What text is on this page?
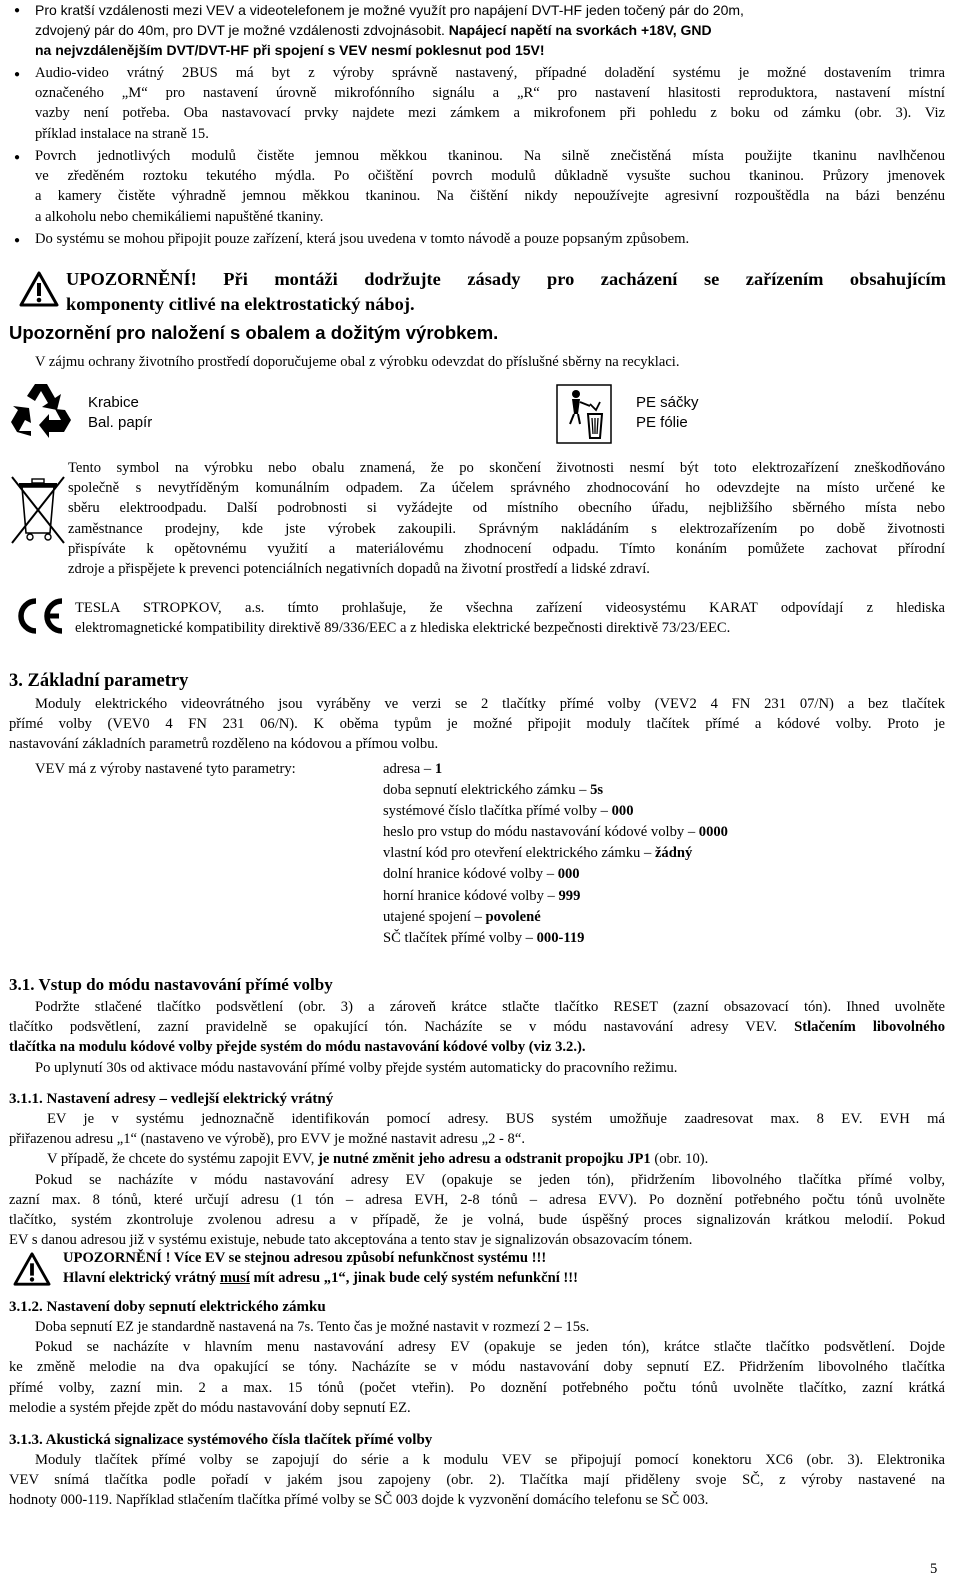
● Pro kratší vzdálenosti mezi VEV a videotelefonem je možné využít pro napájení DVT-HF jeden točený pár do 20m,
zdvojený pár do 40m, pro DVT je možné vzdálenosti zdvojnásobit. Napájecí napětí na svorkách +18V, GND
na nejvzdálenějším DVT/DVT-HF při spojení s VEV nesmí poklesnut pod 15V!
● Audio-video vrátný 2BUS má byt z výroby správně nastavený, případné doladění systému je možné dostavením trimra
označeného „M“ pro nastavení úrovně mikrofónního signálu a „R“ pro nastavení hlasitosti reproduktora, nastavení místní
vazby není potřeba. Oba nastavovací prvky najdete mezi zámkem a mikrofonem při pohledu z boku od zámku (obr. 3). Viz
příklad instalace na straně 15.
● Povrch jednotlivých modulů čistěte jemnou měkkou tkaninou. Na silně znečistěná místa použijte tkaninu navlhčenou
ve zředěném roztoku tekutého mýdla. Po očištění povrch modulů důkladně vysušte suchou tkaninou. Průzory jmenovek
a kamery čistěte výhradně jemnou měkkou tkaninou. Na čištění nikdy nepoužívejte agresivní rozpouštědla na bázi benzénu
a alkoholu nebo chemikáliemi napuštěné tkaniny.
● Do systému se mohou připojit pouze zařízení, která jsou uvedena v tomto návodě a pouze popsaným způsobem.
UPOZORNĚNÍ! Při montáži dodržujte zásady pro zacházení se zařízením obsahujícím
komponenty citlivé na elektrostatický náboj.
Upozornění pro naložení s obalem a dožitým výrobkem.
V zájmu ochrany životního prostředí doporučujeme obal z výrobku odevzdat do příslušné sběrny na recyklaci.
Krabice
Bal. papír
PE sáčky
PE fólie
Tento symbol na výrobku nebo obalu znamená, že po skončení životnosti nesmí být toto elektrozařízení zneškodňováno
společně s nevytříděným komunálním odpadem. Za účelem správného zhodnocování ho odevzdejte na místo určené ke
sběru elektroodpadu. Další podrobnosti si vyžádejte od místního obecního úřadu, nejbližšího sběrného místa nebo
zaměstnance prodejny, kde jste výrobek zakoupili. Správným nakládáním s elektrozařízením po době životnosti
přispíváte k opětovnému využití a materiálovému zhodnocení odpadu. Tímto konáním pomůžete zachovat přírodní
zdroje a přispějete k prevenci potenciálních negativních dopadů na životní prostředí a lidské zdraví.
TESLA STROPKOV, a.s. tímto prohlašuje, že všechna zařízení videosystému KARAT odpovídají z hlediska
elektromagnetické kompatibility direktivě 89/336/EEC a z hlediska elektrické bezpečnosti direktivě 73/23/EEC.
3. Základní parametry
Moduly elektrického videovrátného jsou vyráběny ve verzi se 2 tlačítky přímé volby (VEV2 4 FN 231 07/N) a bez tlačítek
přímé volby (VEV0 4 FN 231 06/N). K oběma typům je možné připojit moduly tlačítek přímé a kódové volby. Proto je
nastavování základních parametrů rozděleno na kódovou a přímou volbu.
VEV má z výroby nastavené tyto parametry:	adresa – 1
doba sepnutí elektrického zámku – 5s
systémové číslo tlačítka přímé volby – 000
heslo pro vstup do módu nastavování kódové volby – 0000
vlastní kód pro otevření elektrického zámku – žádný
dolní hranice kódové volby – 000
horní hranice kódové volby – 999
utajené spojení – povolené
SČ tlačítek přímé volby – 000-119
3.1. Vstup do módu nastavování přímé volby
Podržte stlačené tlačítko podsvětlení (obr. 3) a zároveň krátce stlačte tlačítko RESET (zazní obsazovací tón). Ihned uvolněte
tlačítko podsvětlení, zazní pravidelně se opakující tón. Nacházíte se v módu nastavování adresy VEV. Stlačením libovolného
tlačítka na modulu kódové volby přejde systém do módu nastavování kódové volby (viz 3.2.).
Po uplynutí 30s od aktivace módu nastavování přímé volby přejde systém automaticky do pracovního režimu.
3.1.1. Nastavení adresy – vedlejší elektrický vrátný
EV je v systému jednoznačně identifikován pomocí adresy. BUS systém umožňuje zaadresovat max. 8 EV. EVH má
přiřazenou adresu „1“ (nastaveno ve výrobě), pro EVV je možné nastavit adresu „2 - 8“.
V případě, že chcete do systému zapojit EVV, je nutné změnit jeho adresu a odstranit propojku JP1 (obr. 10).
Pokud se nacházíte v módu nastavování adresy EV (opakuje se jeden tón), přidržením libovolného tlačítka přímé volby,
zazní max. 8 tónů, které určují adresu (1 tón – adresa EVH, 2-8 tónů – adresa EVV). Po doznění potřebného počtu tónů uvolněte
tlačítko, systém zkontroluje zvolenou adresu a v případě, že je volná, bude úspěšný proces signalizován krátkou melodií. Pokud
EV s danou adresou již v systému existuje, nebude tato akceptována a tento stav je signalizován obsazovacím tónem.
UPOZORNĚNÍ ! Více EV se stejnou adresou způsobí nefunkčnost systému !!!
Hlavní elektrický vrátný musí mít adresu „1“, jinak bude celý systém nefunkční !!!
3.1.2. Nastavení doby sepnutí elektrického zámku
Doba sepnutí EZ je standardně nastavená na 7s. Tento čas je možné nastavit v rozmezí 2 – 15s.
Pokud se nacházíte v hlavním menu nastavování adresy EV (opakuje se jeden tón), krátce stlačte tlačítko podsvětlení. Dojde
ke změně melodie na dva opakující se tóny. Nacházíte se v módu nastavování doby sepnutí EZ. Přidržením libovolného tlačítka
přímé volby, zazní min. 2 a max. 15 tónů (počet vteřin). Po doznění potřebného počtu tónů uvolněte tlačítko, zazní krátká
melodie a systém přejde zpět do módu nastavování doby sepnutí EZ.
3.1.3. Akustická signalizace systémového čísla tlačítek přímé volby
Moduly tlačítek přímé volby se zapojují do série a k modulu VEV se připojují pomocí konektoru XC6 (obr. 3). Elektronika
VEV snímá tlačítka podle pořadí v jakém jsou zapojeny (obr. 2). Tlačítka mají přiděleny svoje SČ, z výroby nastavené na
hodnoty 000-119. Například stlačením tlačítka přímé volby se SČ 003 dojde k vyzvonění domácího telefonu se SČ 003.
5
